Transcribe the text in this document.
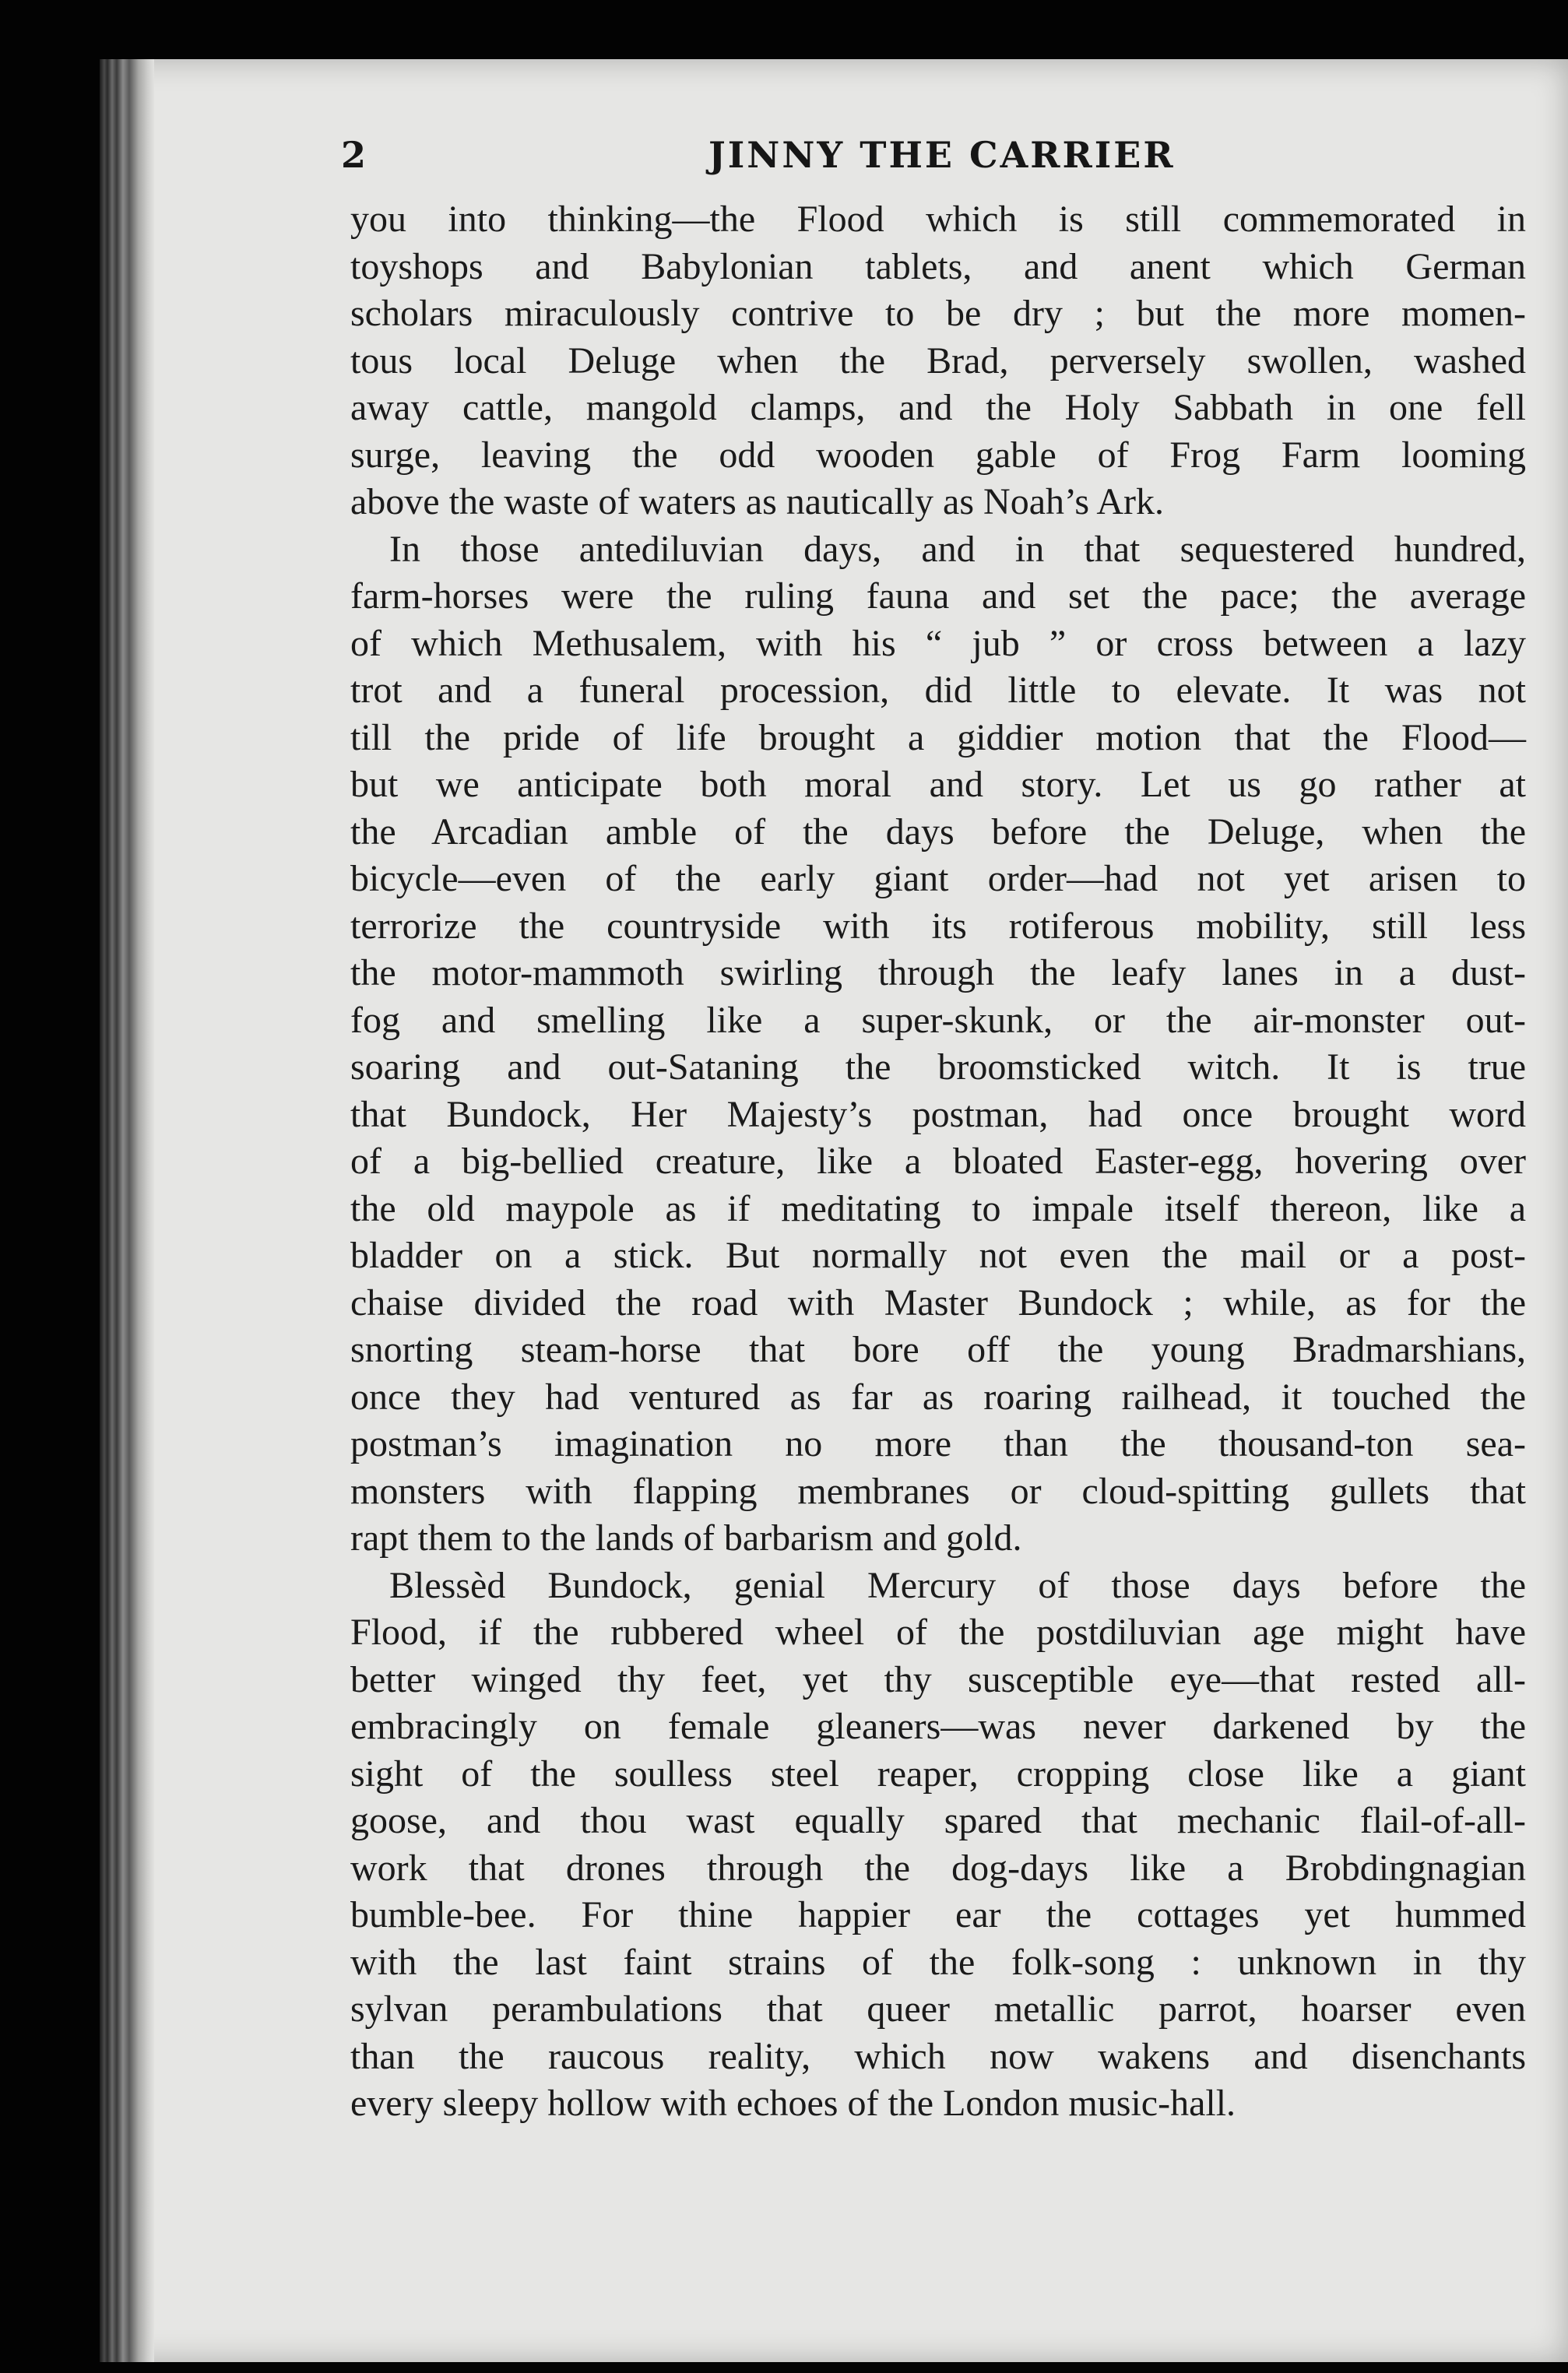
2	JINNY THE CARRIER
you into thinking—the Flood which is still commemorated in
toyshops and Babylonian tablets, and anent which German
scholars miraculously contrive to be dry ; but the more momen-
tous local Deluge when the Brad, perversely swollen, washed
away cattle, mangold clamps, and the Holy Sabbath in one fell
surge, leaving the odd wooden gable of Frog Farm looming
above the waste of waters as nautically as Noah’s Ark.
In those antediluvian days, and in that sequestered hundred,
farm-horses were the ruling fauna and set the pace; the average
of which Methusalem, with his “ jub ” or cross between a lazy
trot and a funeral procession, did little to elevate. It was not
till the pride of life brought a giddier motion that the Flood—
but we anticipate both moral and story. Let us go rather at
the Arcadian amble of the days before the Deluge, when the
bicycle—even of the early giant order—had not yet arisen to
terrorize the countryside with its rotiferous mobility, still less
the motor-mammoth swirling through the leafy lanes in a dust-
fog and smelling like a super-skunk, or the air-monster out-
soaring and out-Sataning the broomsticked witch. It is true
that Bundock, Her Majesty’s postman, had once brought word
of a big-bellied creature, like a bloated Easter-egg, hovering over
the old maypole as if meditating to impale itself thereon, like a
bladder on a stick. But normally not even the mail or a post-
chaise divided the road with Master Bundock ; while, as for the
snorting steam-horse that bore off the young Bradmarshians,
once they had ventured as far as roaring railhead, it touched the
postman’s imagination no more than the thousand-ton sea-
monsters with flapping membranes or cloud-spitting gullets that
rapt them to the lands of barbarism and gold.
Blessèd Bundock, genial Mercury of those days before the
Flood, if the rubbered wheel of the postdiluvian age might have
better winged thy feet, yet thy susceptible eye—that rested all-
embracingly on female gleaners—was never darkened by the
sight of the soulless steel reaper, cropping close like a giant
goose, and thou wast equally spared that mechanic flail-of-all-
work that drones through the dog-days like a Brobdingnagian
bumble-bee. For thine happier ear the cottages yet hummed
with the last faint strains of the folk-song : unknown in thy
sylvan perambulations that queer metallic parrot, hoarser even
than the raucous reality, which now wakens and disenchants
every sleepy hollow with echoes of the London music-hall.
